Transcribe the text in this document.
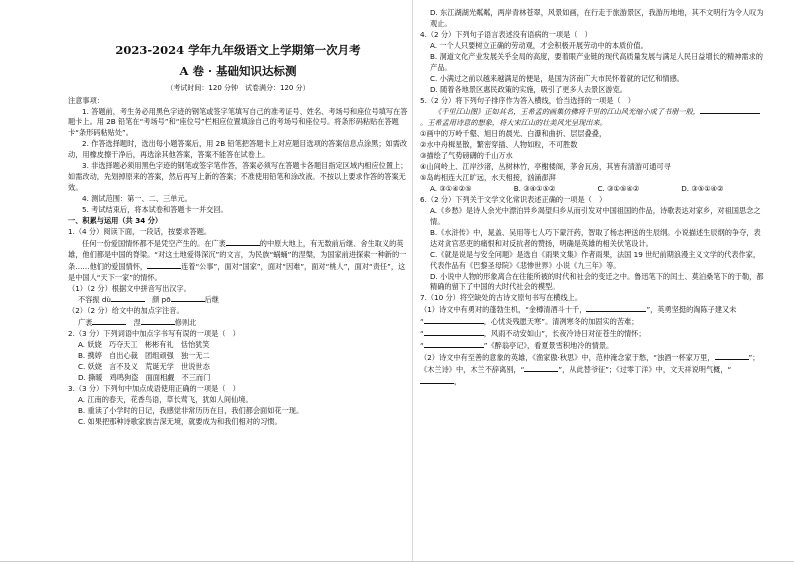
2023-2024 学年九年级语文上学期第一次月考
A 卷 · 基础知识达标测
（考试时间：120 分钟　试卷满分：120 分）

注意事项：

1. 答题前，考生务必用黑色字迹的钢笔或签字笔填写自己的准考证号、姓名、考场号和座位号填写在答题卡上。用 2B 铅笔在“考场号”和“座位号”栏相应位置填涂自己的考场号和座位号。将条形码粘贴在答题卡“条形码粘贴处”。

2. 作答选择题时，选出每小题答案后，用 2B 铅笔把答题卡上对应题目选项的答案信息点涂黑；如需改动，用橡皮擦干净后，再选涂其他答案，答案不能答在试卷上。

3. 非选择题必须用黑色字迹的钢笔或签字笔作答，答案必须写在答题卡各题目指定区域内相应位置上；如需改动，先划掉原来的答案，然后再写上新的答案；不准使用铅笔和涂改液。不按以上要求作答的答案无效。

4. 测试范围：第一、二、三单元。

5. 考试结束后，将本试卷和答题卡一并交回。

一、积累与运用（共 34 分）

1.（4 分）阅读下面，一段话，按要求答题。

任何一份爱国情怀都不是凭空产生的。在广袤	的中原大地上，有无数前后继、舍生取义的英雄，他们都是中国的脊梁。“对这土地爱得深沉”的文言，为民族“蜗蛹”的涅槃，为国家前进探索一种新的一条……他们的爱国情怀，	连着“公事”，面对“国家”，面对“因难”，面对“桃人”，面对“责任”，这是中国人“天下一家”的情怀。

（1）（2 分）根据文中拼音写出汉字。

不容振 dù　	颜 pō	后继

（2）（2 分）给文中的加点字注音。

广袤　	涅	修则北

2.（3 分）下列词语中加点字书写有误的一项是（　）

A. 妖娆　巧夺天工　彬彬有礼　恬怡犹笑

B. 携婷　自出心裁　团组顽强　独一无二

C. 妖娆　言不及义　荒诞无学　世说世态

D. 撕暖　鸡鸣狗盗　面面相觑　不三而门

3.（3 分）下列句中加点成语使用正确的一项是（　）

A. 江南的春天，花香鸟语，草长莺飞，犹如人间仙境。

B. 重读了小学时的日记，我感觉非常历历在目，我们都会面如花一现。

C. 如果把那种诗歌家族吉深无境，就要成为和我们相对的习惯。

D. 东江湖湖光粼粼，两岸青林苍翠，风景如画，在行走于旅游景区，我游历地地，其不文明行为令人叹为观止。

4.（2 分）下列句子语言表述没有语病的一项是（　）

A. 一个人只要树立正确的劳动观，才会积极开展劳动中的本质价值。

B. 洞道文化产业发展关乎全局的高度，要着眼产业链的现代高质量发展与满足人民日益增长的精神需求的产品。

C. 小满过之前以越来越满足的便是，是国为济南广大市民怀着就的记忆和情感。

D. 随着各地景区惠民政策的实施，吸引了更多人去景区游览。

5.（2 分）将下列句子排序作为答入横线，恰当选择的一项是（　）

《千里江山图》正如其名，王希孟的画集仿佛将千里的江山风光缩小成了书册一般，。王希孟用诗意的想象，将大宋江山的壮美风光呈现出来。

①画中的万岭千壑、旭日的晨光、白瀑和曲折、层层叠叠，

②水中舟楫星散，繁密穿插、人物如粒，不可胜数

③描绘了气势磅礴的千山万水

④山间岭上、江岸沙渚，丛树林竹，亭榭楼阁，茅舍瓦房，其皆有清游可通可寻

⑤岛屿相连大江旷远，水天相接，汹涌澎湃

A. ③①④②⑤	B. ③④①⑤②	C. ③①⑤④②	D. ③⑤①④②

6.（2 分）下列关于文学文化常识表述正确的一项是（　）

A.《乡愁》是诗人余光中漂泊异乡渴望归乡从而引发对中国祖国的作品，诗歌表达对家乡，对祖国思念之情。

B.《水浒传》中，晁盖、吴用等七人巧下蒙汗药，智取了杨志押送的生辰纲。小说描述生辰纲的争夺，表达对贪官恶吏的痛恨和对反抗者的赞扬，明确是英雄的相关伏笔设计。

C.《就是说是与安全问题》是选自《雨果文集》作者雨果，法国 19 世纪前期浪漫主义文学的代表作家，代表作品有《巴黎圣母院》《悲惨世界》小说《九三年》等。

D. 小说中人物的形象离合在往能所被的时代和社会的变迁之中。鲁迅笔下的闰土、莫泊桑笔下的于勒，都精确的留下了中国的大时代社会的模型。

7.（10 分）将空缺处的古诗文原句书写在横线上。

（1）诗文中有勇对的蓬勃生机，“金樽清酒斗十千，	”，英勇坚挺的淘陈子建又未

“	，心忧炎残愿天寒”。清冽寒冬的加固实的苦难；

“	，风雨不动安如山”，长夜冷诗日对征苍生的情怀；

“	”《醉翁亭记》，看夏景雪积地冷的情景。

（2）诗文中有至善的意象的英雄，《渔家傲·秋思》中，范仲淹念家于愁，“浊酒一杯家万里，	”；《木兰诗》中，木兰不辞离别，“	”，从此替爷征”；《过零丁洋》中，文天祥说明气概，“，
